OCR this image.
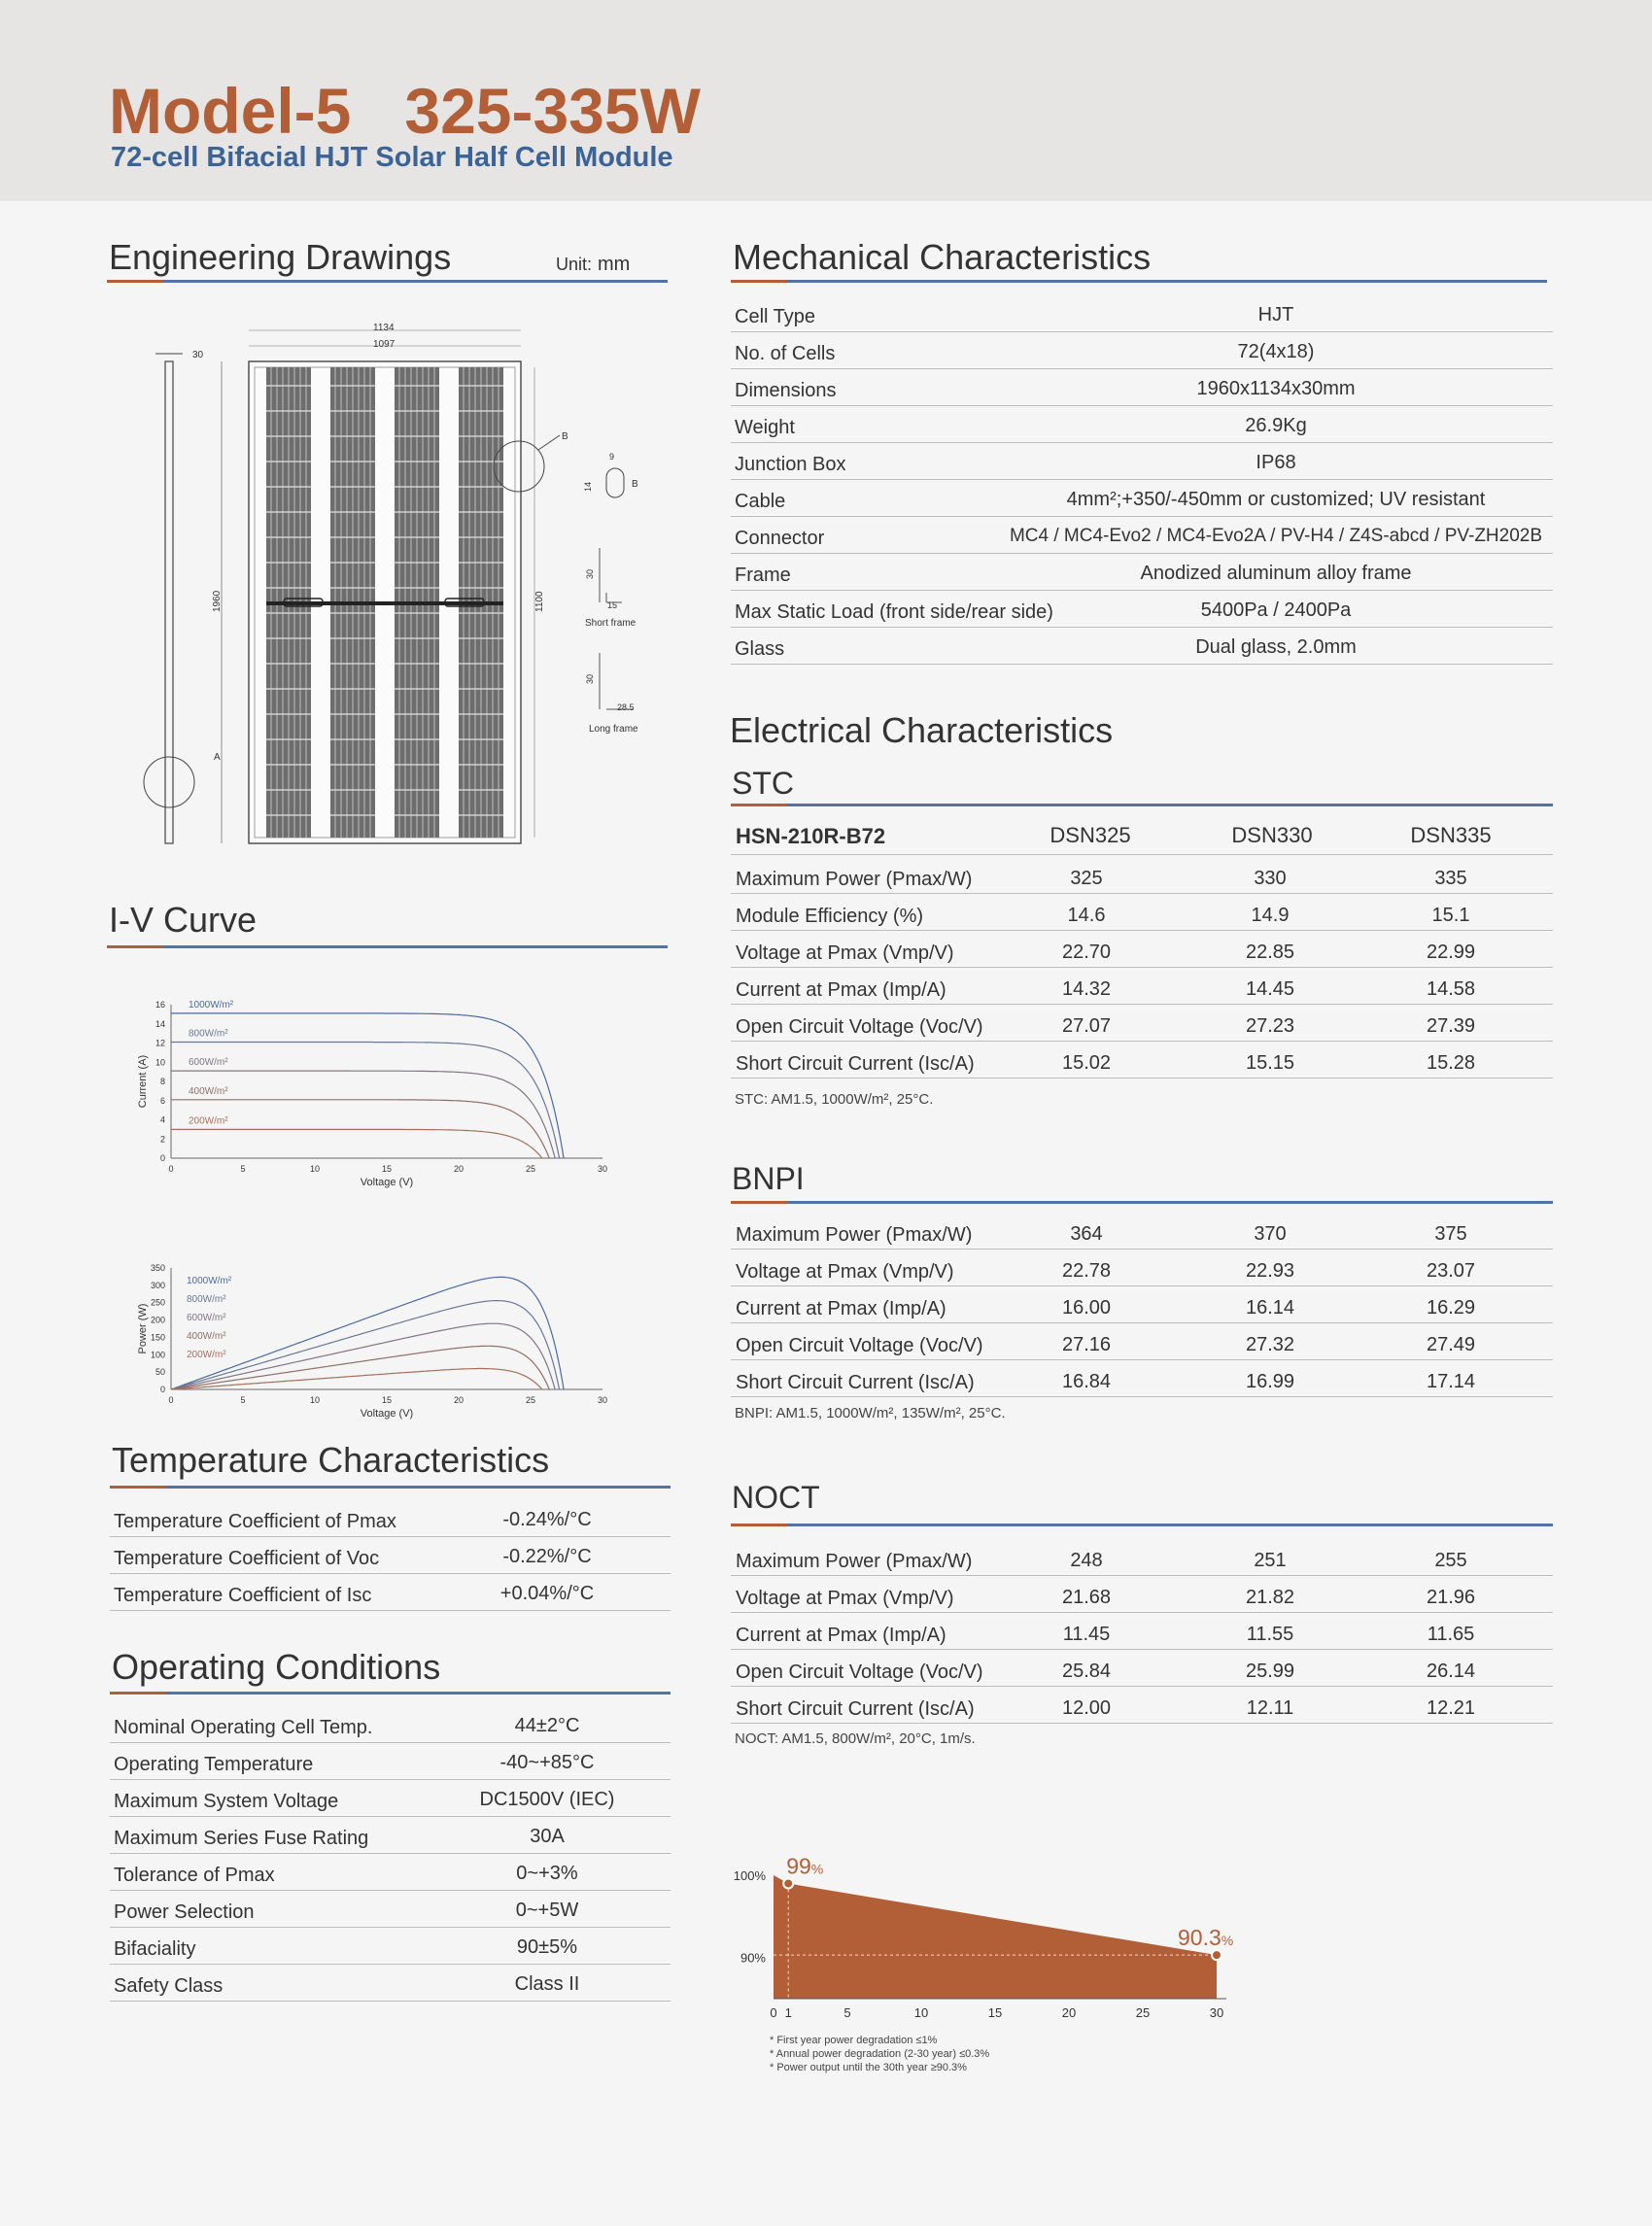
Model-5 325-335W
72-cell Bifacial HJT Solar Half Cell Module
Engineering Drawings	Unit: mm
30
A
1960
1134
1097
1100
B
9
14	B
30
15
Short frame
30
28.5
Long frame
I-V Curve
0	5	10	15	20	25	30
0
2
4
6
8
10
12
14
16
Voltage (V)
Current (A)
1000W/m²
800W/m²
600W/m²
400W/m²
200W/m²
0	5	10	15	20	25	30
0
50
100
150
200
250
300
350
Voltage (V)
Power (W)
1000W/m²
800W/m²
600W/m²
400W/m²
200W/m²
Temperature Characteristics
Temperature Coefficient of Pmax	-0.24%/°C
Temperature Coefficient of Voc	-0.22%/°C
Temperature Coefficient of Isc	+0.04%/°C
Operating Conditions
Nominal Operating Cell Temp.	44±2°C
Operating Temperature	-40~+85°C
Maximum System Voltage	DC1500V (IEC)
Maximum Series Fuse Rating	30A
Tolerance of Pmax	0~+3%
Power Selection	0~+5W
Bifaciality	90±5%
Safety Class	Class II
Mechanical Characteristics
Cell Type	HJT
No. of Cells	72(4x18)
Dimensions	1960x1134x30mm
Weight	26.9Kg
Junction Box	IP68
Cable	4mm²;+350/-450mm or customized; UV resistant
Connector	MC4 / MC4-Evo2 / MC4-Evo2A / PV-H4 / Z4S-abcd / PV-ZH202B
Frame	Anodized aluminum alloy frame
Max Static Load (front side/rear side)	5400Pa / 2400Pa
Glass	Dual glass, 2.0mm
Electrical Characteristics
STC
HSN-210R-B72	DSN325	DSN330	DSN335
Maximum Power (Pmax/W)	325	330	335
Module Efficiency (%)	14.6	14.9	15.1
Voltage at Pmax (Vmp/V)	22.70	22.85	22.99
Current at Pmax (Imp/A)	14.32	14.45	14.58
Open Circuit Voltage (Voc/V)	27.07	27.23	27.39
Short Circuit Current (Isc/A)	15.02	15.15	15.28
STC: AM1.5, 1000W/m², 25°C.
BNPI
Maximum Power (Pmax/W)	364	370	375
Voltage at Pmax (Vmp/V)	22.78	22.93	23.07
Current at Pmax (Imp/A)	16.00	16.14	16.29
Open Circuit Voltage (Voc/V)	27.16	27.32	27.49
Short Circuit Current (Isc/A)	16.84	16.99	17.14
BNPI: AM1.5, 1000W/m², 135W/m², 25°C.
NOCT
Maximum Power (Pmax/W)	248	251	255
Voltage at Pmax (Vmp/V)	21.68	21.82	21.96
Current at Pmax (Imp/A)	11.45	11.55	11.65
Open Circuit Voltage (Voc/V)	25.84	25.99	26.14
Short Circuit Current (Isc/A)	12.00	12.11	12.21
NOCT: AM1.5, 800W/m², 20°C, 1m/s.
100%
90%
0 1	5	10	15	20	25	30
99%
90.3%
* First year power degradation ≤1%
* Annual power degradation (2-30 year) ≤0.3%
* Power output until the 30th year ≥90.3%
